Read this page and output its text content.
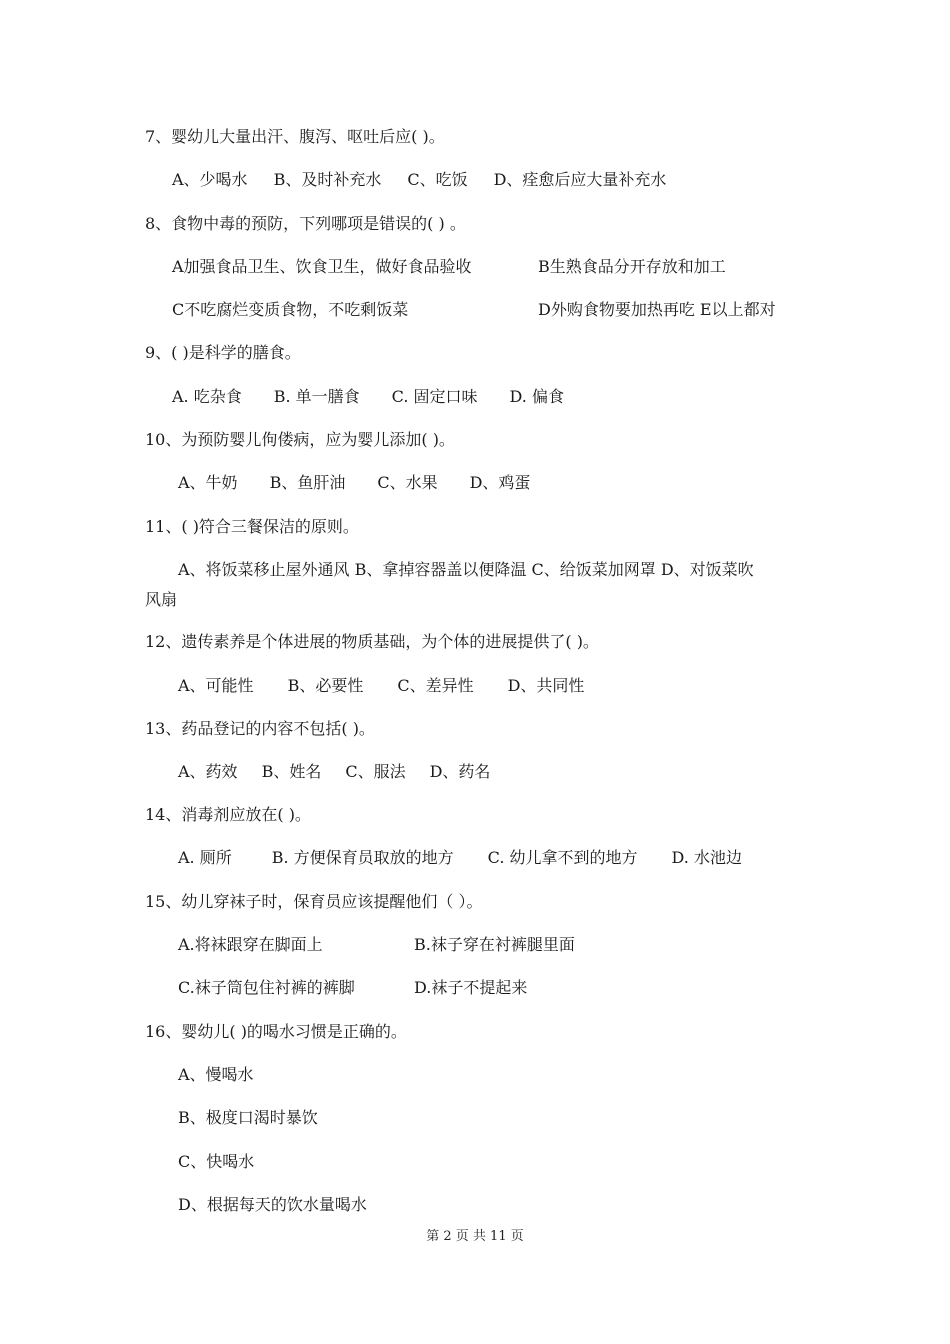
7、婴幼儿大量出汗、腹泻、呕吐后应( )。
A、少喝水 B、及时补充水 C、吃饭 D、痊愈后应大量补充水
8、食物中毒的预防，下列哪项是错误的( ) 。
A加强食品卫生、饮食卫生，做好食品验收	B生熟食品分开存放和加工
C不吃腐烂变质食物，不吃剩饭菜	D外购食物要加热再吃 E以上都对
9、( )是科学的膳食。
A. 吃杂食 B. 单一膳食 C. 固定口味 D. 偏食
10、为预防婴儿佝偻病，应为婴儿添加( )。
A、牛奶 B、鱼肝油 C、水果 D、鸡蛋
11、( )符合三餐保洁的原则。
A、将饭菜移止屋外通风 B、拿掉容器盖以便降温 C、给饭菜加网罩 D、对饭菜吹
风扇
12、遗传素养是个体进展的物质基础，为个体的进展提供了( )。
A、可能性 B、必要性 C、差异性 D、共同性
13、药品登记的内容不包括( )。
A、药效 B、姓名 C、服法 D、药名
14、消毒剂应放在( )。
A. 厕所	B. 方便保育员取放的地方 C. 幼儿拿不到的地方 D. 水池边
15、幼儿穿袜子时，保育员应该提醒他们（ ）。
A.将袜跟穿在脚面上	B.袜子穿在衬裤腿里面
C.袜子筒包住衬裤的裤脚	D.袜子不提起来
16、婴幼儿( )的喝水习惯是正确的。
A、慢喝水
B、极度口渴时暴饮
C、快喝水
D、根据每天的饮水量喝水
第 2 页 共 11 页
